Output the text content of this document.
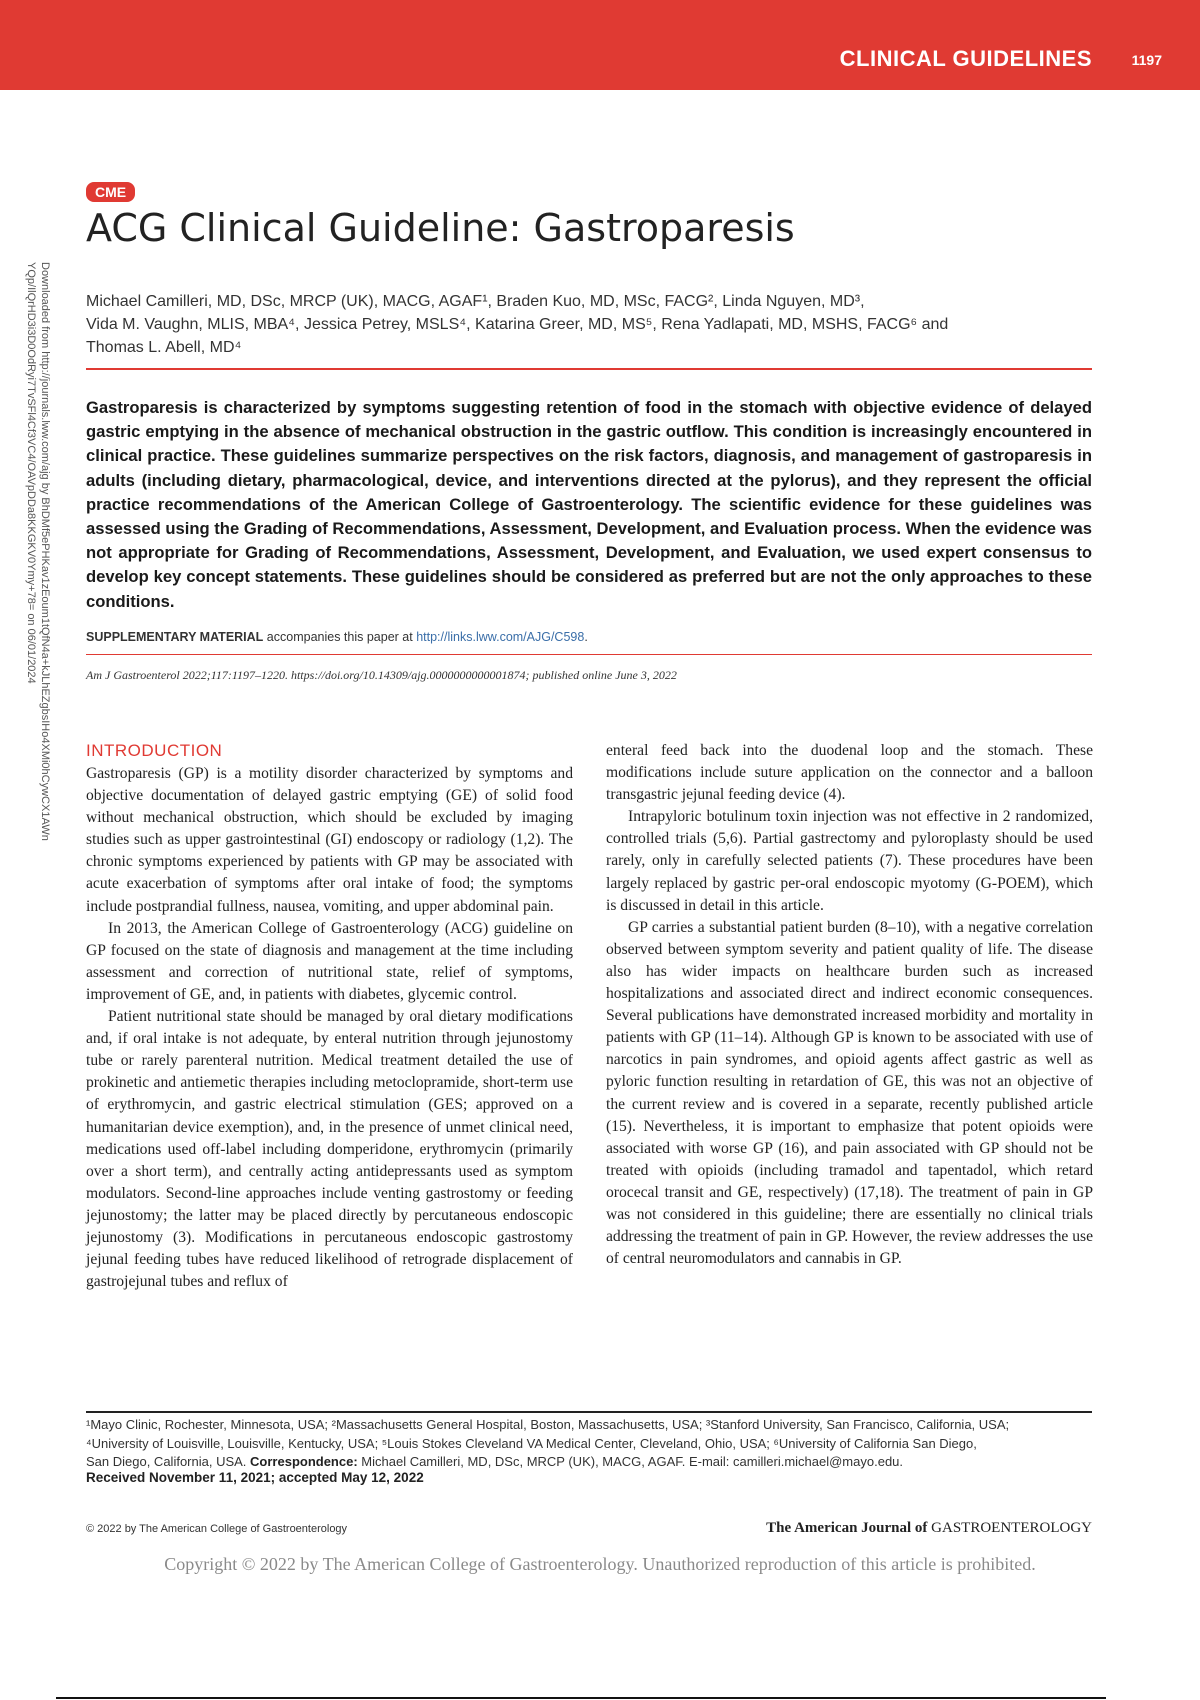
CLINICAL GUIDELINES	1197
Downloaded from http://journals.lww.com/ajg by BhDMf5ePHKav1zEoum1tQfN4a+kJLhEZgbsIHo4XMi0hCywCX1AWn
YQp/IlQrHD3i3D0OdRyi7TvSFl4Cf3VC4/OAVpDDa8KKGKV0Ymy+78= on 06/01/2024
CME
ACG Clinical Guideline: Gastroparesis
Michael Camilleri, MD, DSc, MRCP (UK), MACG, AGAF¹, Braden Kuo, MD, MSc, FACG², Linda Nguyen, MD³,
Vida M. Vaughn, MLIS, MBA⁴, Jessica Petrey, MSLS⁴, Katarina Greer, MD, MS⁵, Rena Yadlapati, MD, MSHS, FACG⁶ and
Thomas L. Abell, MD⁴

Gastroparesis is characterized by symptoms suggesting retention of food in the stomach with objective evidence of delayed gastric emptying in the absence of mechanical obstruction in the gastric outflow. This condition is increasingly encountered in clinical practice. These guidelines summarize perspectives on the risk factors, diagnosis, and management of gastroparesis in adults (including dietary, pharmacological, device, and interventions directed at the pylorus), and they represent the official practice recommendations of the American College of Gastroenterology. The scientific evidence for these guidelines was assessed using the Grading of Recommendations, Assessment, Development, and Evaluation process. When the evidence was not appropriate for Grading of Recommendations, Assessment, Development, and Evaluation, we used expert consensus to develop key concept statements. These guidelines should be considered as preferred but are not the only approaches to these conditions.

SUPPLEMENTARY MATERIAL accompanies this paper at http://links.lww.com/AJG/C598.
Am J Gastroenterol 2022;117:1197–1220. https://doi.org/10.14309/ajg.0000000000001874; published online June 3, 2022
INTRODUCTION

Gastroparesis (GP) is a motility disorder characterized by symptoms and objective documentation of delayed gastric emptying (GE) of solid food without mechanical obstruction, which should be excluded by imaging studies such as upper gastrointestinal (GI) endoscopy or radiology (1,2). The chronic symptoms experienced by patients with GP may be associated with acute exacerbation of symptoms after oral intake of food; the symptoms include postprandial fullness, nausea, vomiting, and upper abdominal pain.

In 2013, the American College of Gastroenterology (ACG) guideline on GP focused on the state of diagnosis and management at the time including assessment and correction of nutritional state, relief of symptoms, improvement of GE, and, in patients with diabetes, glycemic control.

Patient nutritional state should be managed by oral dietary modifications and, if oral intake is not adequate, by enteral nutrition through jejunostomy tube or rarely parenteral nutrition. Medical treatment detailed the use of prokinetic and antiemetic therapies including metoclopramide, short-term use of erythromycin, and gastric electrical stimulation (GES; approved on a humanitarian device exemption), and, in the presence of unmet clinical need, medications used off-label including domperidone, erythromycin (primarily over a short term), and centrally acting antidepressants used as symptom modulators. Second-line approaches include venting gastrostomy or feeding jejunostomy; the latter may be placed directly by percutaneous endoscopic jejunostomy (3). Modifications in percutaneous endoscopic gastrostomy jejunal feeding tubes have reduced likelihood of retrograde displacement of gastrojejunal tubes and reflux of

enteral feed back into the duodenal loop and the stomach. These modifications include suture application on the connector and a balloon transgastric jejunal feeding device (4).

Intrapyloric botulinum toxin injection was not effective in 2 randomized, controlled trials (5,6). Partial gastrectomy and pyloroplasty should be used rarely, only in carefully selected patients (7). These procedures have been largely replaced by gastric per-oral endoscopic myotomy (G-POEM), which is discussed in detail in this article.

GP carries a substantial patient burden (8–10), with a negative correlation observed between symptom severity and patient quality of life. The disease also has wider impacts on healthcare burden such as increased hospitalizations and associated direct and indirect economic consequences. Several publications have demonstrated increased morbidity and mortality in patients with GP (11–14). Although GP is known to be associated with use of narcotics in pain syndromes, and opioid agents affect gastric as well as pyloric function resulting in retardation of GE, this was not an objective of the current review and is covered in a separate, recently published article (15). Nevertheless, it is important to emphasize that potent opioids were associated with worse GP (16), and pain associated with GP should not be treated with opioids (including tramadol and tapentadol, which retard orocecal transit and GE, respectively) (17,18). The treatment of pain in GP was not considered in this guideline; there are essentially no clinical trials addressing the treatment of pain in GP. However, the review addresses the use of central neuromodulators and cannabis in GP.

¹Mayo Clinic, Rochester, Minnesota, USA; ²Massachusetts General Hospital, Boston, Massachusetts, USA; ³Stanford University, San Francisco, California, USA;
⁴University of Louisville, Louisville, Kentucky, USA; ⁵Louis Stokes Cleveland VA Medical Center, Cleveland, Ohio, USA; ⁶University of California San Diego,
San Diego, California, USA. Correspondence: Michael Camilleri, MD, DSc, MRCP (UK), MACG, AGAF. E-mail: camilleri.michael@mayo.edu.
Received November 11, 2021; accepted May 12, 2022
© 2022 by The American College of Gastroenterology	The American Journal of GASTROENTEROLOGY
Copyright © 2022 by The American College of Gastroenterology. Unauthorized reproduction of this article is prohibited.
